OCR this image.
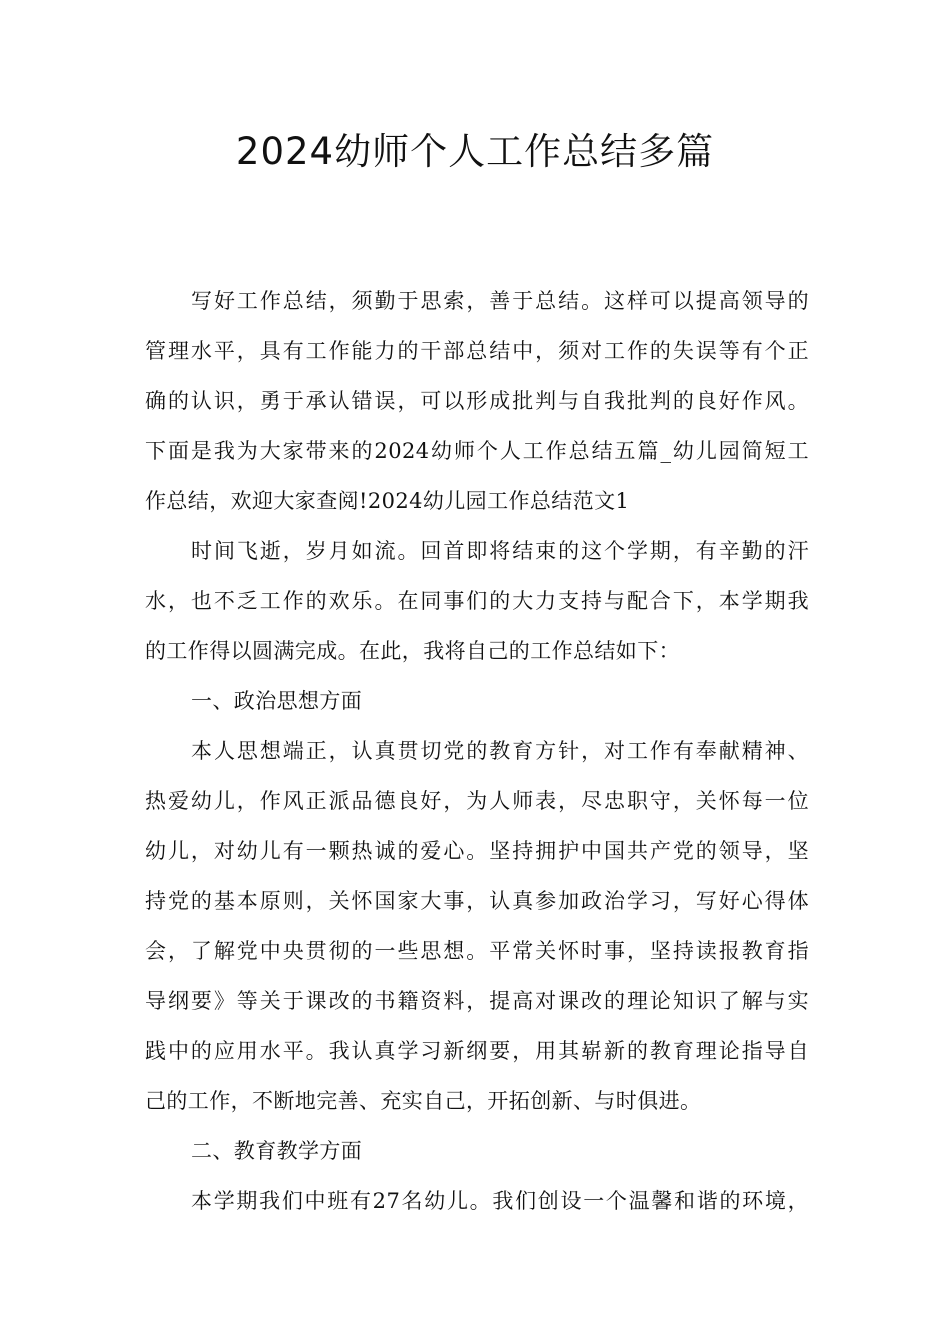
2024幼师个人工作总结多篇

写好工作总结，须勤于思索，善于总结。这样可以提高领导的

管理水平，具有工作能力的干部总结中，须对工作的失误等有个正

确的认识，勇于承认错误，可以形成批判与自我批判的良好作风。

下面是我为大家带来的2024幼师个人工作总结五篇_幼儿园简短工

作总结，欢迎大家查阅!2024幼儿园工作总结范文1

时间飞逝，岁月如流。回首即将结束的这个学期，有辛勤的汗

水，也不乏工作的欢乐。在同事们的大力支持与配合下，本学期我

的工作得以圆满完成。在此，我将自己的工作总结如下：

一、政治思想方面

本人思想端正，认真贯切党的教育方针，对工作有奉献精神、

热爱幼儿，作风正派品德良好，为人师表，尽忠职守，关怀每一位

幼儿，对幼儿有一颗热诚的爱心。坚持拥护中国共产党的领导，坚

持党的基本原则，关怀国家大事，认真参加政治学习，写好心得体

会，了解党中央贯彻的一些思想。平常关怀时事，坚持读报教育指

导纲要》等关于课改的书籍资料，提高对课改的理论知识了解与实

践中的应用水平。我认真学习新纲要，用其崭新的教育理论指导自

己的工作，不断地完善、充实自己，开拓创新、与时俱进。

二、教育教学方面

本学期我们中班有27名幼儿。我们创设一个温馨和谐的环境，
